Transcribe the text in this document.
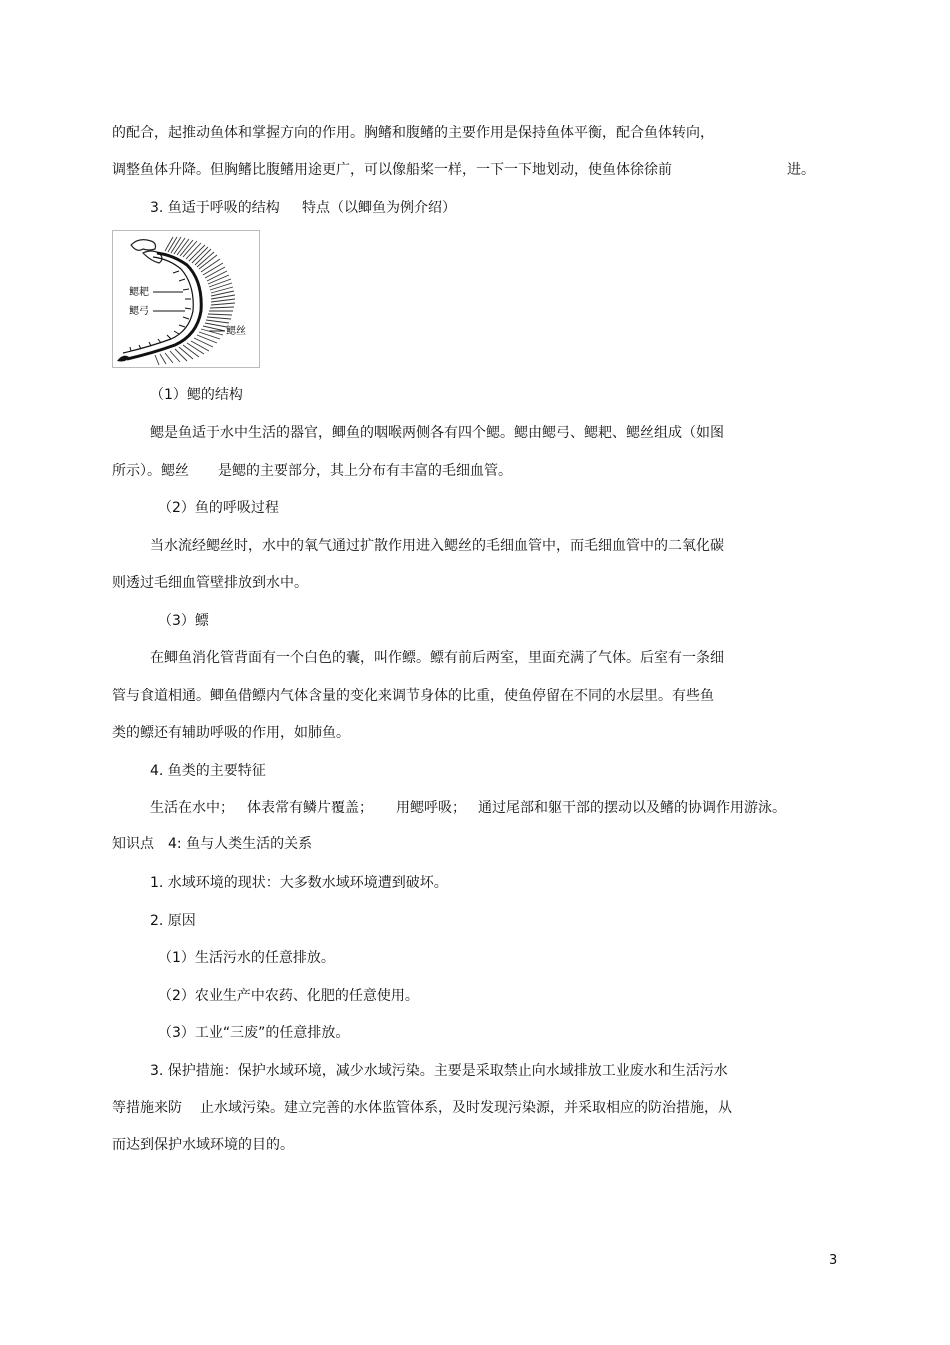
的配合，起推动鱼体和掌握方向的作用。胸鳍和腹鳍的主要作用是保持鱼体平衡，配合鱼体转向，
调整鱼体升降。但胸鳍比腹鳍用途更广，可以像船桨一样，一下一下地划动，使鱼体徐徐前	进。
3. 鱼适于呼吸的结构 特点（以鲫鱼为例介绍）
鳃耙
鳃弓
鳃丝
（1）鳃的结构
鳃是鱼适于水中生活的器官，鲫鱼的咽喉两侧各有四个鳃。鳃由鳃弓、鳃耙、鳃丝组成（如图
所示）。鳃丝 是鳃的主要部分，其上分布有丰富的毛细血管。
（2）鱼的呼吸过程
当水流经鳃丝时，水中的氧气通过扩散作用进入鳃丝的毛细血管中，而毛细血管中的二氧化碳
则透过毛细血管壁排放到水中。
（3）鳔
在鲫鱼消化管背面有一个白色的囊，叫作鳔。鳔有前后两室，里面充满了气体。后室有一条细
管与食道相通。鲫鱼借鳔内气体含量的变化来调节身体的比重，使鱼停留在不同的水层里。有些鱼
类的鳔还有辅助呼吸的作用，如肺鱼。
4. 鱼类的主要特征
生活在水中； 体表常有鳞片覆盖； 用鳃呼吸； 通过尾部和躯干部的摆动以及鳍的协调作用游泳。
知识点　4: 鱼与人类生活的关系
1. 水域环境的现状：大多数水域环境遭到破坏。
2. 原因
（1）生活污水的任意排放。
（2）农业生产中农药、化肥的任意使用。
（3）工业“三废”的任意排放。
3. 保护措施：保护水域环境，减少水域污染。主要是采取禁止向水域排放工业废水和生活污水
等措施来防 止水域污染。建立完善的水体监管体系，及时发现污染源，并采取相应的防治措施，从
而达到保护水域环境的目的。
3
